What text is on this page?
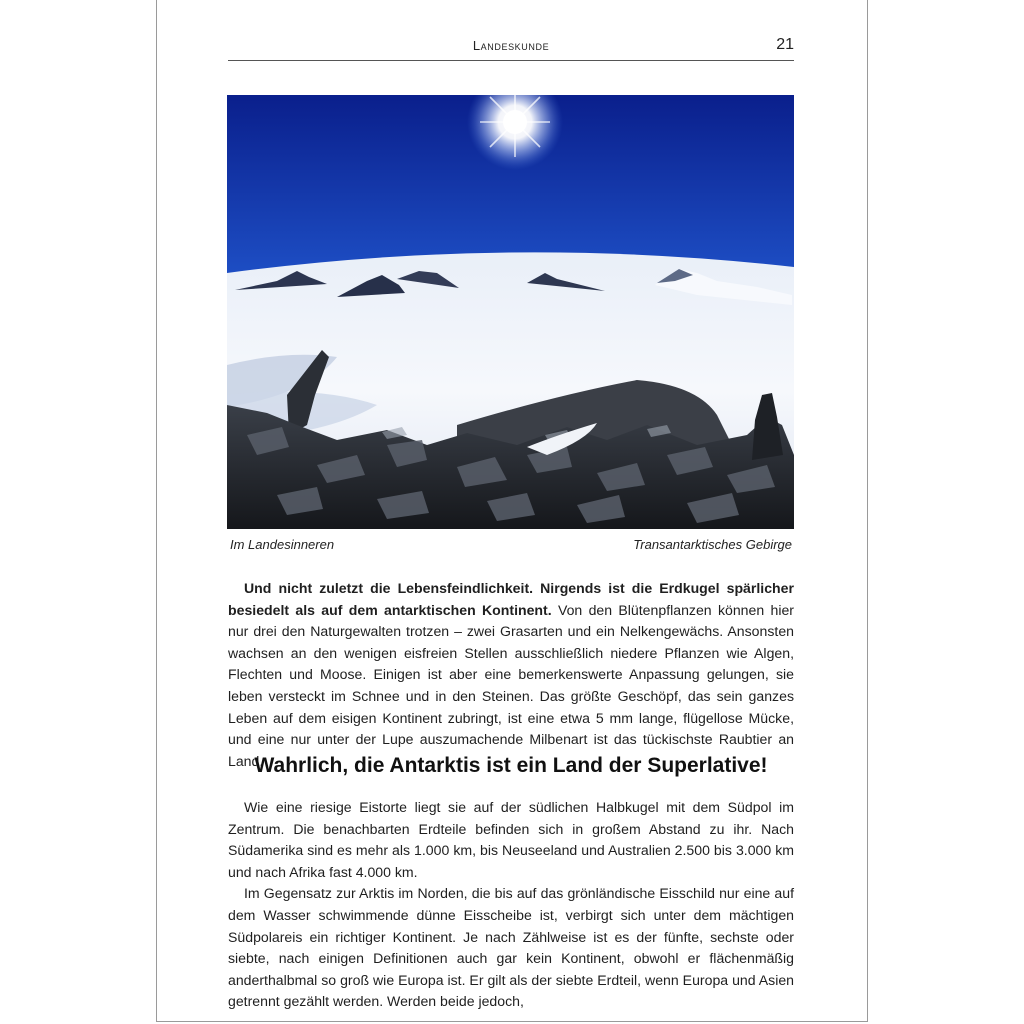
Landeskunde	21
Im Landesinneren	Transantarktisches Gebirge

Und nicht zuletzt die Lebensfeindlichkeit. Nirgends ist die Erdkugel spärlicher besiedelt als auf dem antarktischen Kontinent. Von den Blütenpflanzen können hier nur drei den Naturgewalten trotzen – zwei Grasarten und ein Nelkengewächs. Ansonsten wachsen an den wenigen eisfreien Stellen ausschließlich niedere Pflanzen wie Algen, Flechten und Moose. Einigen ist aber eine bemerkenswerte Anpassung gelungen, sie leben versteckt im Schnee und in den Steinen. Das größte Geschöpf, das sein ganzes Leben auf dem eisigen Kontinent zubringt, ist eine etwa 5 mm lange, flügellose Mücke, und eine nur unter der Lupe auszumachende Milbenart ist das tückischste Raubtier an Land.

Wahrlich, die Antarktis ist ein Land der Superlative!

Wie eine riesige Eistorte liegt sie auf der südlichen Halbkugel mit dem Südpol im Zentrum. Die benachbarten Erdteile befinden sich in großem Abstand zu ihr. Nach Südamerika sind es mehr als 1.000 km, bis Neuseeland und Australien 2.500 bis 3.000 km und nach Afrika fast 4.000 km.

Im Gegensatz zur Arktis im Norden, die bis auf das grönländische Eisschild nur eine auf dem Wasser schwimmende dünne Eisscheibe ist, verbirgt sich unter dem mächtigen Südpolareis ein richtiger Kontinent. Je nach Zählweise ist es der fünfte, sechste oder siebte, nach einigen Definitionen auch gar kein Kontinent, obwohl er flächenmäßig anderthalbmal so groß wie Europa ist. Er gilt als der siebte Erdteil, wenn Europa und Asien getrennt gezählt werden. Werden beide jedoch,
